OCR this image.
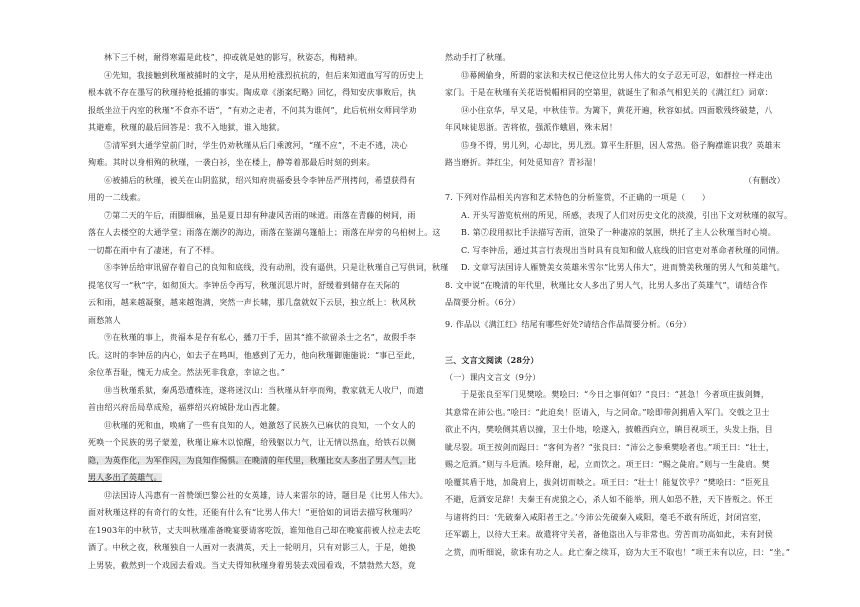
林下三千树，耐得寒霜是此枝”，抑或就是她的影写，秋姿态，梅精神。

④先知，我接触到秋瑾被捕时的文字，是从用枪涨烈抗抗的，但后来知道血写写的历史上

根本就不存在墨写的秋瑾持枪抵捕的事实。陶成章《浙案纪略》回忆，得知安庆事败后，执

报纸坐泣于内室的秋瑾“不食亦不语”，“有劝之走者，不问其为谁何”，此后杭州女师同学劝

其避难，秋瑾的最后回答是：我不入地狱，谁入地狱。

⑤清军到大通学堂前门时，学生仍劝秋瑾从后门乘渡河，“瑾不应”，不走不逃，决心

殉难。其时以身相殉的秋瑾，一袭白衫，坐在楼上，静等着那最后时刻的到来。

⑥被捕后的秋瑾，被关在山阴监狱，绍兴知府贵福委县令李钟岳严刑拷问，希望获得有

用的一二线索。

⑦第二天的午后，雨脚细麻，虽是夏日却有种凄风苦雨的味道。雨落在青藤的树间，雨

落在人去楼空的大通学堂；雨落在潮汐的海边，雨落在鉴湖乌篷船上；雨落在岸旁的乌桕树上。这

一切都在雨中有了凄迷，有了不样。

⑧李钟岳给审讯留存着自己的良知和底线，没有动刑，没有逼供，只是让秋瑾自己写供词，秋瑾

提笔仅写一“秋”字，如彻顶大。李钟岳令再写，秋瑾沉思片时，舒缓着到储存在天际的

云和雨，越来越凝聚，越来越饱满，突然一声长啸，那几盘就奴下云层，独立纸上：秋风秋

雨愁煞人

⑨在秋瑾的事上，贵福本是存有私心，播刀于手，固其“推不欲留杀士之名”，故假手李

氏。这时的李钟岳的内心，如去子在鸣叫，他感到了无力，他向秋瑾御施施说：“事已至此，

余位革吾耻，愧无力成全。然法死非我意，幸谅之也。”

⑩当秋瑾系狱，秦禹恐遭株连，遂将迷汉山：当秋瑾从轩亭而殉，教家就无人收尸，而遗

首由绍兴府岳局草成殓，福葬绍兴府城卧龙山西北麓。

⑪秋瑾的死和血，唤痛了一些有良知的人，她激怒了民族久已麻伏的良知，一个女人的

死唤一个民族的男子蒙羞，秋瑾让麻木以惊醒，给残躯以力气，让无情以热血，给铁石以侧

隐，为英作化，为军作闪，为良知作惕惧。在晚清的年代里，秋瑾比女人多出了男人气，比

男人多出了英雄气。

⑫法国诗人冯惠有一首赞颂巴黎公社的女英雄，诗人来雷尔的诗，题目是《比男人伟大》。

面对秋瑾这样的有奇行的女性，还能有什么有“比男人伟大！”更恰如的词语去描写秋瑾吗？

在1903年的中秋节，丈夫叫秋瑾准备晚宴要请客吃饭，谁知他自己却在晚宴前被人拉走去吃

酒了。中秋之夜，秋瑾独自一人画对一表满英，天上一轮明月，只有对影三人，于是，她换

上男装，截然到一个戏园去看戏。当丈夫得知秋瑾身着男装去戏园看戏，不禁勃然大怒，竟

然动手打了秋瑾。

⑬幕阙偷身，所谓的家法和夫权已使这位比男人伟大的女子忍无可忍，如群拉一样走出

家门。于是在秋瑾有关花语悦帽相同的空第里，就诞生了和杀气相犯关的《满江红》词章：

⑭小住京华，早又是，中秋佳节。为篱下，黄花开遍，秋容如拭。四面歌残终破楚，八

年风味徒思浙。苦将侬，强派作蛾眉，殊未屑！

⑮身不得，男儿列，心却比，男儿烈。算平生肝胆，因人常热。俗子胸襟谁识我？英雄末

路当磨折。莽红尘，何处觅知音？青衫湿！

（有删改）

7. 下列对作品相关内容和艺术特色的分析鉴赏，不正确的一项是（　　）

A. 开头写游览杭州的所见，所感，表现了人们对历史文化的淡漠，引出下文对秋瑾的叙写。

B. 第⑦段用拟比手法描写苦雨，渲染了一种凄凉的氛围，烘托了主人公秋瑾当时心境。

C. 写李钟岳，通过其言行表现出当时具有良知和做人底线的旧官吏对革命者秋瑾的同情。

D. 文章写法国诗人雁赞美女英雄米雪尔“比男人伟大”，进而赞美秋瑾的男人气和英雄气。

8. 文中说“在晚清的年代里，秋瑾比女人多出了男人气，比男人多出了英雄气”，请结合作

品简要分析。（6分）

9. 作品以《满江红》结尾有哪些好处?请结合作品简要分析。（6分）

三、文言文阅读（28分）

（一）课内文言文（9分）

于是张良至军门见樊哙。樊哙曰：“今日之事何如？”良曰：“甚急！今者项庄拔剑舞，

其意常在沛公也。”哙曰：“此迫矣！臣请入，与之同命。”哙即带剑拥盾入军门。交戟之卫士

欲止不内，樊哙侧其盾以撞，卫士仆地，哙遂入，披帷西向立，瞋目视项王，头发上指，目

眦尽裂。项王按剑而跽曰：“客何为者？”张良曰：“沛公之参乘樊哙者也。”项王曰：“壮士，

赐之卮酒。”则与斗卮酒。哙拜谢，起，立而饮之。项王曰：“赐之彘肩。”则与一生彘肩。樊

哙覆其盾于地，加彘肩上，拔剑切而啖之。项王曰：“壮士！能复饮乎？”樊哙曰：“臣死且

不避，卮酒安足辞！夫秦王有虎狼之心，杀人如不能举，刑人如恐不胜，天下皆叛之。怀王

与诸将约曰：‘先破秦入咸阳者王之。’今沛公先破秦入咸阳，毫毛不敢有所近，封闭宫室，

还军霸上，以待大王来。故遣将守关者，备他盗出入与非常也。劳苦而功高如此，未有封侯

之赏，而听细说，欲诛有功之人。此亡秦之续耳，窃为大王不取也！”项王未有以应，曰：“坐。”
